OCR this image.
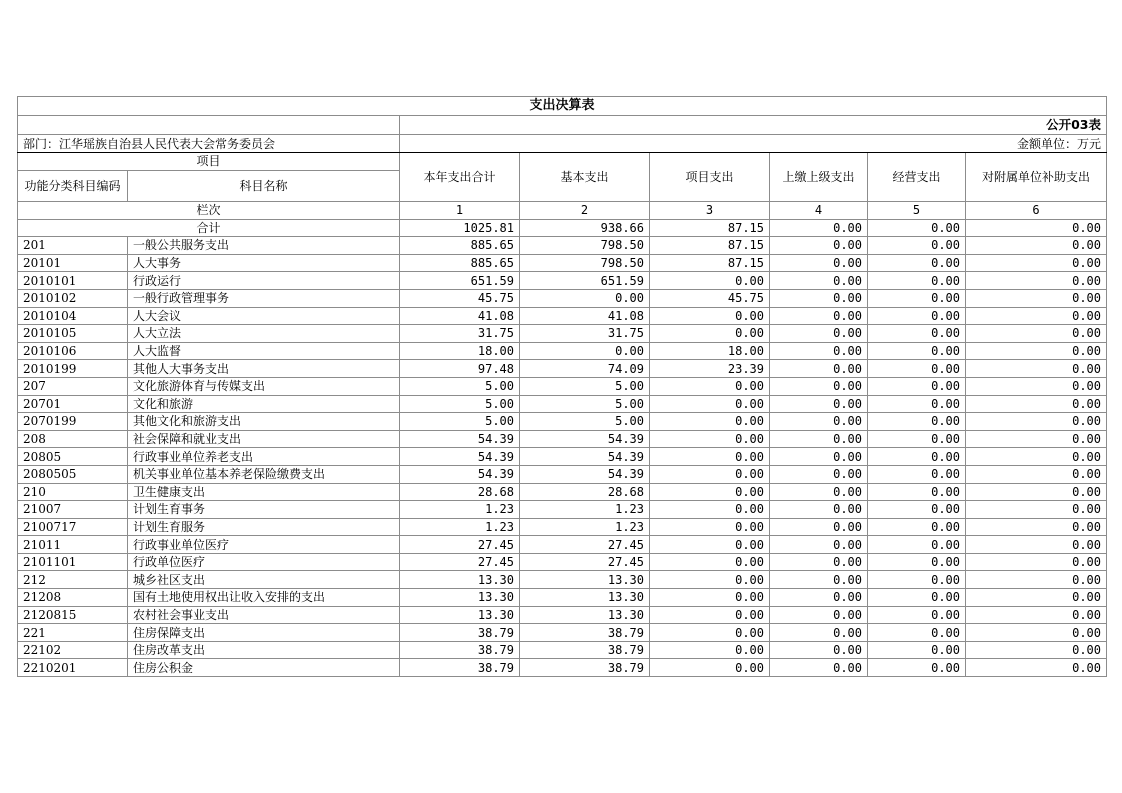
支出决算表							
		公开03表					
部门：江华瑶族自治县人民代表大会常务委员会		金额单位：万元					
项目		本年支出合计	基本支出	项目支出	上缴上级支出	经营支出	对附属单位补助支出
功能分类科目编码	科目名称						
栏次		1	2	3	4	5	6
合计		1025.81	938.66	87.15	0.00	0.00	0.00
201	一般公共服务支出	885.65	798.50	87.15	0.00	0.00	0.00
20101	人大事务	885.65	798.50	87.15	0.00	0.00	0.00
2010101	行政运行	651.59	651.59	0.00	0.00	0.00	0.00
2010102	一般行政管理事务	45.75	0.00	45.75	0.00	0.00	0.00
2010104	人大会议	41.08	41.08	0.00	0.00	0.00	0.00
2010105	人大立法	31.75	31.75	0.00	0.00	0.00	0.00
2010106	人大监督	18.00	0.00	18.00	0.00	0.00	0.00
2010199	其他人大事务支出	97.48	74.09	23.39	0.00	0.00	0.00
207	文化旅游体育与传媒支出	5.00	5.00	0.00	0.00	0.00	0.00
20701	文化和旅游	5.00	5.00	0.00	0.00	0.00	0.00
2070199	其他文化和旅游支出	5.00	5.00	0.00	0.00	0.00	0.00
208	社会保障和就业支出	54.39	54.39	0.00	0.00	0.00	0.00
20805	行政事业单位养老支出	54.39	54.39	0.00	0.00	0.00	0.00
2080505	机关事业单位基本养老保险缴费支出	54.39	54.39	0.00	0.00	0.00	0.00
210	卫生健康支出	28.68	28.68	0.00	0.00	0.00	0.00
21007	计划生育事务	1.23	1.23	0.00	0.00	0.00	0.00
2100717	计划生育服务	1.23	1.23	0.00	0.00	0.00	0.00
21011	行政事业单位医疗	27.45	27.45	0.00	0.00	0.00	0.00
2101101	行政单位医疗	27.45	27.45	0.00	0.00	0.00	0.00
212	城乡社区支出	13.30	13.30	0.00	0.00	0.00	0.00
21208	国有土地使用权出让收入安排的支出	13.30	13.30	0.00	0.00	0.00	0.00
2120815	农村社会事业支出	13.30	13.30	0.00	0.00	0.00	0.00
221	住房保障支出	38.79	38.79	0.00	0.00	0.00	0.00
22102	住房改革支出	38.79	38.79	0.00	0.00	0.00	0.00
2210201	住房公积金	38.79	38.79	0.00	0.00	0.00	0.00
